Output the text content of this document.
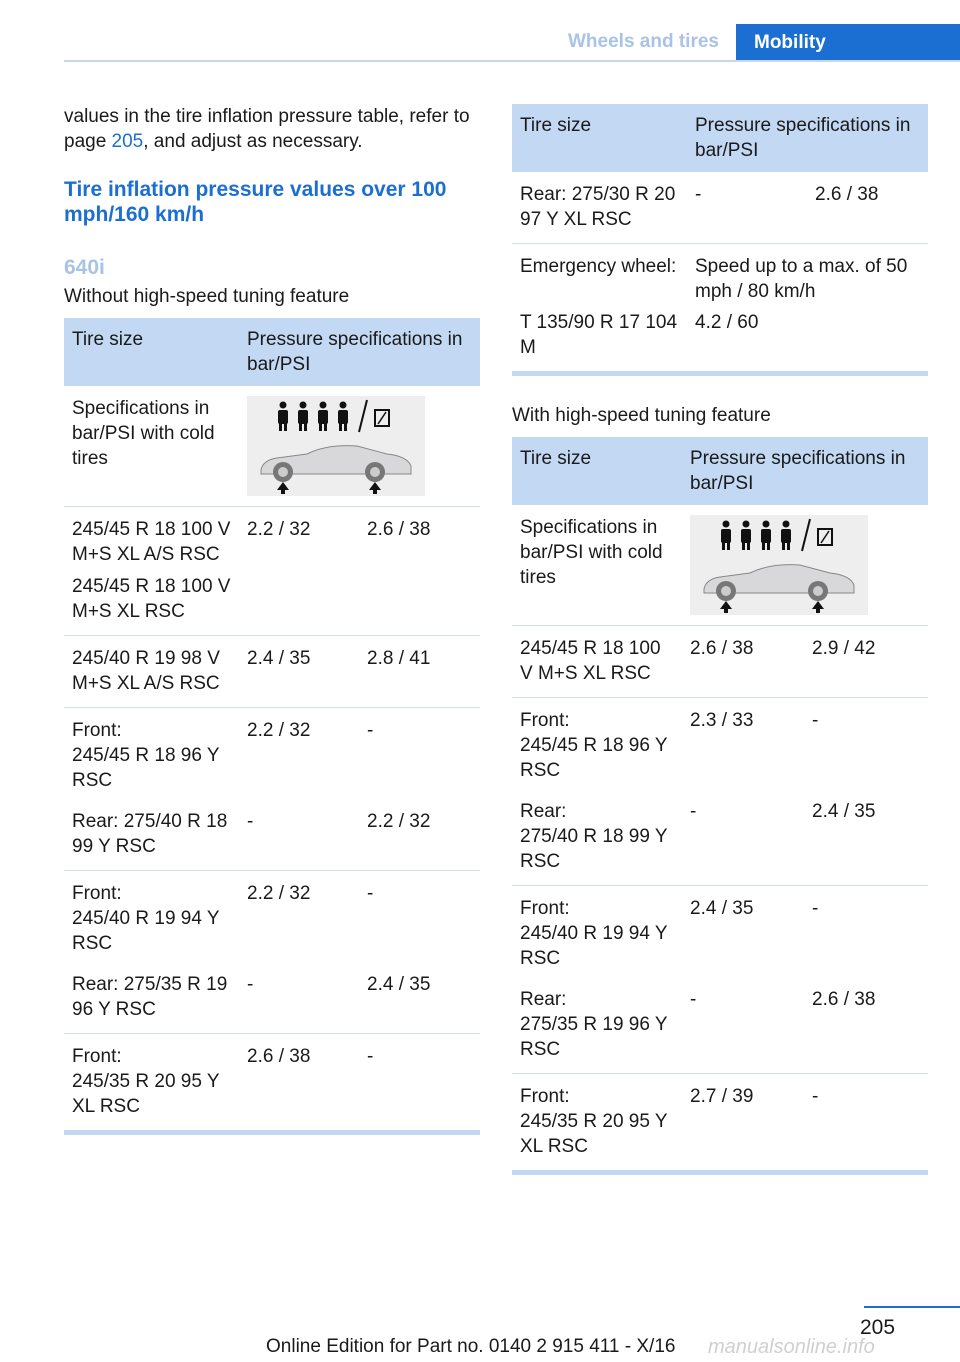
Wheels and tires	Mobility

values in the tire inflation pressure table, refer to page 205, and adjust as necessary.

Tire inflation pressure values over 100 mph/160 km/h
640i

Without high-speed tuning feature

Tire size	Pressure specifications in bar/PSI	
Specifications in bar/PSI with cold tires	

245/45 R 18 100 V M+S XL A/S RSC
245/45 R 18 100 V M+S XL RSC	2.2 / 32	2.6 / 38
245/40 R 19 98 V M+S XL A/S RSC	2.4 / 35	2.8 / 41
Front:
245/45 R 18 96 Y RSC	2.2 / 32	-
Rear: 275/40 R 18 99 Y RSC	-	2.2 / 32
Front:
245/40 R 19 94 Y RSC	2.2 / 32	-
Rear: 275/35 R 19 96 Y RSC	-	2.4 / 35
Front:
245/35 R 20 95 Y XL RSC	2.6 / 38	-
Tire size	Pressure specifications in bar/PSI	
Rear: 275/30 R 20 97 Y XL RSC	-	2.6 / 38
Emergency wheel:	Speed up to a max. of 50 mph / 80 km/h	
T 135/90 R 17 104 M	4.2 / 60	

With high-speed tuning feature

Tire size	Pressure specifications in bar/PSI	
Specifications in bar/PSI with cold tires	

245/45 R 18 100 V M+S XL RSC	2.6 / 38	2.9 / 42
Front:
245/45 R 18 96 Y RSC	2.3 / 33	-
Rear:
275/40 R 18 99 Y RSC	-	2.4 / 35
Front:
245/40 R 19 94 Y RSC	2.4 / 35	-
Rear:
275/35 R 19 96 Y RSC	-	2.6 / 38
Front:
245/35 R 20 95 Y XL RSC	2.7 / 39	-
205
Online Edition for Part no. 0140 2 915 411 - X/16 manualsonline.info
